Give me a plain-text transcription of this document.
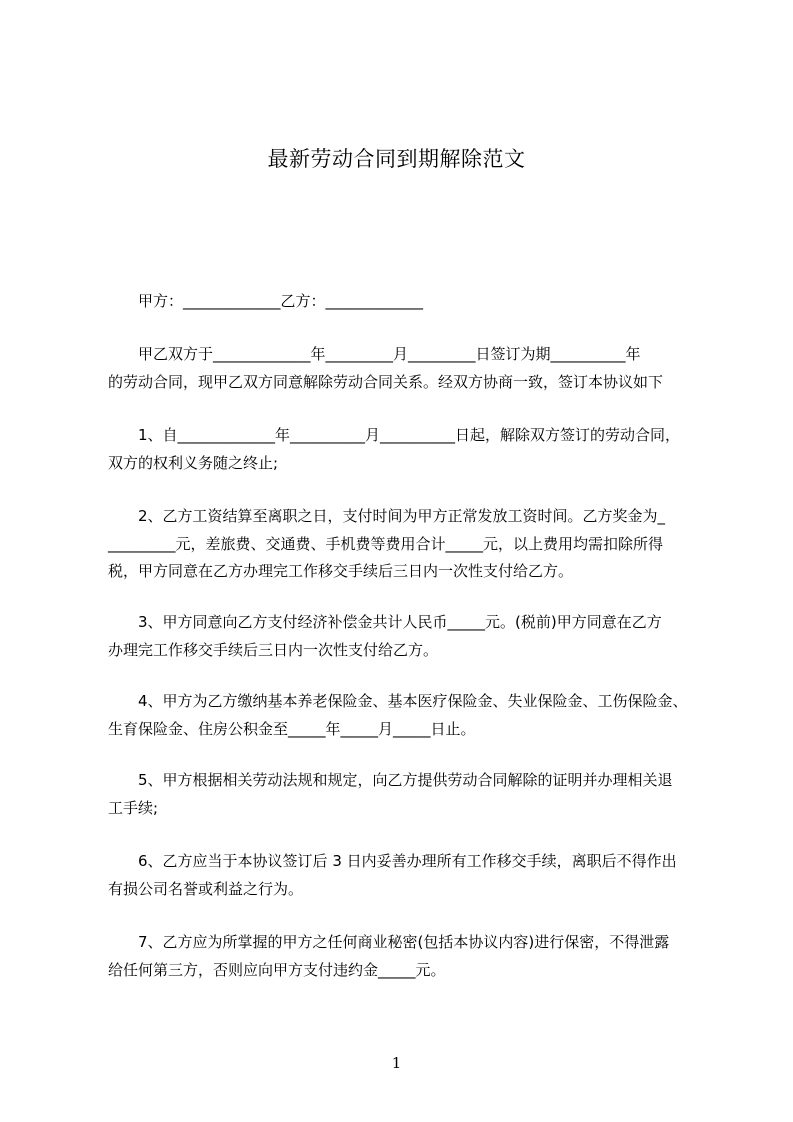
最新劳动合同到期解除范文
甲方：_____________乙方：_____________
甲乙双方于_____________年_________月_________日签订为期__________年
的劳动合同，现甲乙双方同意解除劳动合同关系。经双方协商一致，签订本协议如下
1、自_____________年__________月__________日起，解除双方签订的劳动合同，
双方的权利义务随之终止;
2、乙方工资结算至离职之日，支付时间为甲方正常发放工资时间。乙方奖金为_
_________元，差旅费、交通费、手机费等费用合计_____元，以上费用均需扣除所得
税，甲方同意在乙方办理完工作移交手续后三日内一次性支付给乙方。
3、甲方同意向乙方支付经济补偿金共计人民币_____元。(税前)甲方同意在乙方
办理完工作移交手续后三日内一次性支付给乙方。
4、甲方为乙方缴纳基本养老保险金、基本医疗保险金、失业保险金、工伤保险金、
生育保险金、住房公积金至_____年_____月_____日止。
5、甲方根据相关劳动法规和规定，向乙方提供劳动合同解除的证明并办理相关退
工手续;
6、乙方应当于本协议签订后 3 日内妥善办理所有工作移交手续，离职后不得作出
有损公司名誉或利益之行为。
7、乙方应为所掌握的甲方之任何商业秘密(包括本协议内容)进行保密，不得泄露
给任何第三方，否则应向甲方支付违约金_____元。
1
